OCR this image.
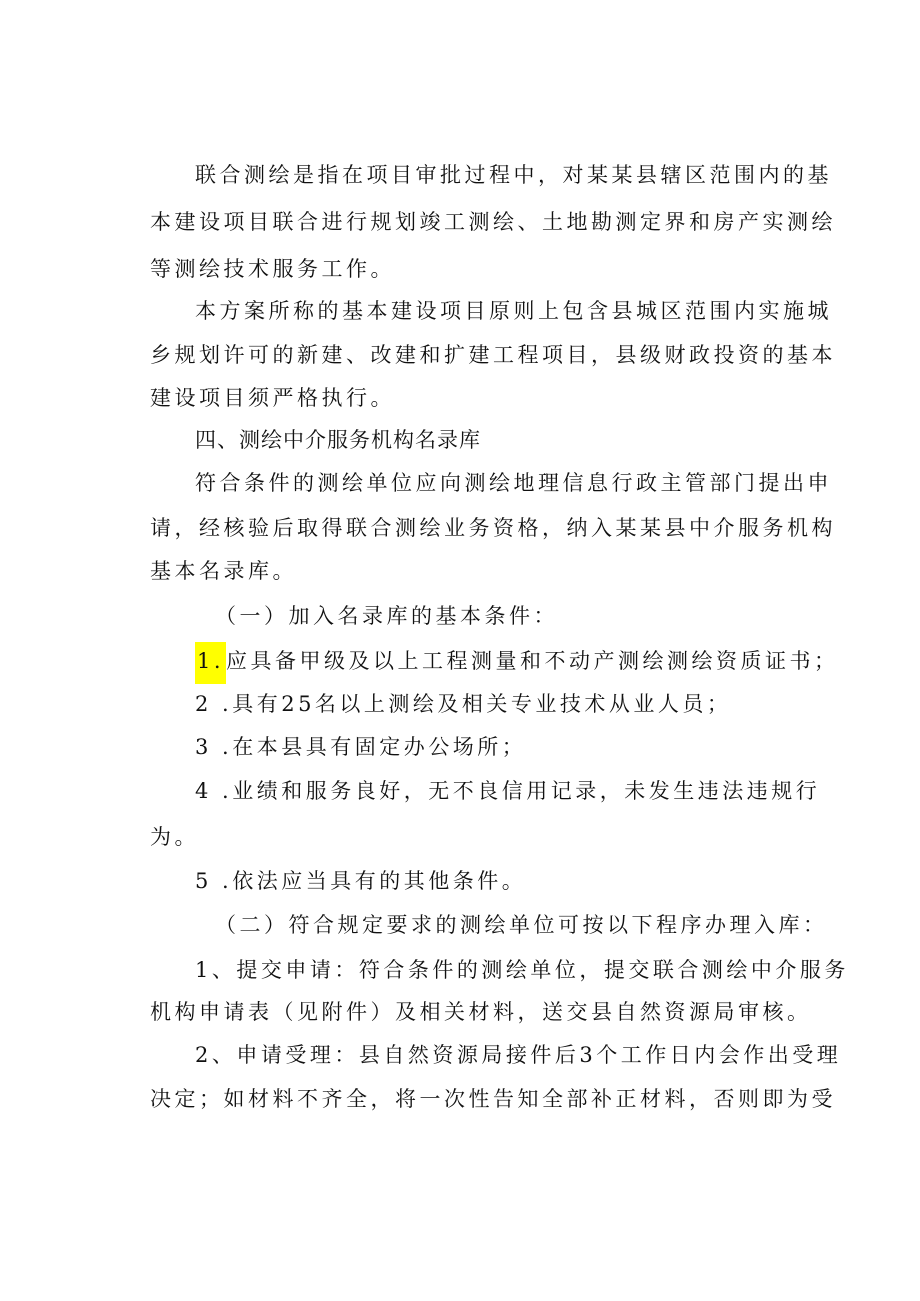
联合测绘是指在项目审批过程中，对某某县辖区范围内的基
本建设项目联合进行规划竣工测绘、土地勘测定界和房产实测绘
等测绘技术服务工作。
本方案所称的基本建设项目原则上包含县城区范围内实施城
乡规划许可的新建、改建和扩建工程项目，县级财政投资的基本
建设项目须严格执行。
四、测绘中介服务机构名录库
符合条件的测绘单位应向测绘地理信息行政主管部门提出申
请，经核验后取得联合测绘业务资格，纳入某某县中介服务机构
基本名录库。
（一）加入名录库的基本条件：
1.应具备甲级及以上工程测量和不动产测绘测绘资质证书；
2 .具有25名以上测绘及相关专业技术从业人员；
3 .在本县具有固定办公场所；
4 .业绩和服务良好，无不良信用记录，未发生违法违规行
为。
5 .依法应当具有的其他条件。
（二）符合规定要求的测绘单位可按以下程序办理入库：
1、提交申请：符合条件的测绘单位，提交联合测绘中介服务
机构申请表（见附件）及相关材料，送交县自然资源局审核。
2、申请受理：县自然资源局接件后3个工作日内会作出受理
决定；如材料不齐全，将一次性告知全部补正材料，否则即为受
